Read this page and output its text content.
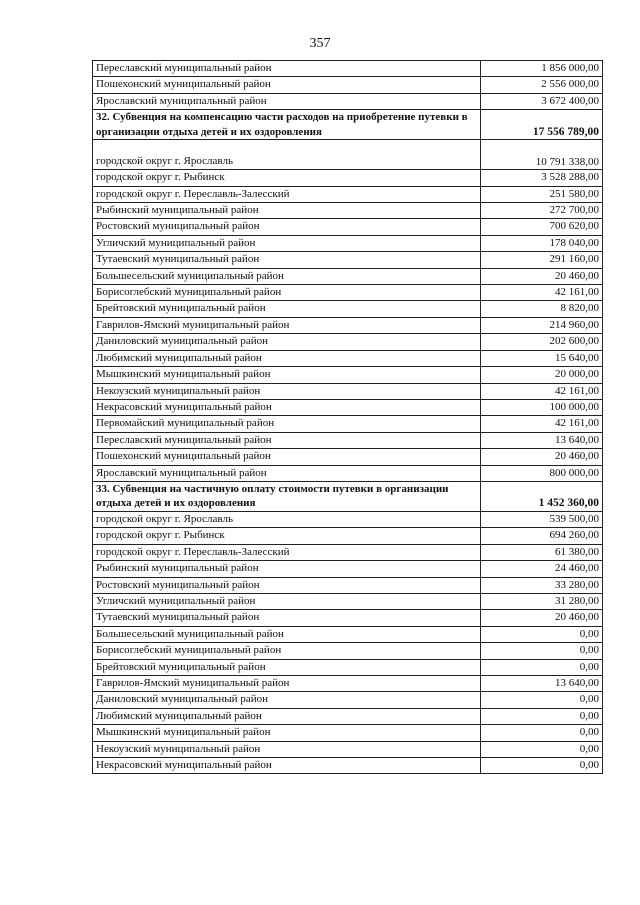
357
Переславский муниципальный район	1 856 000,00
Пошехонский муниципальный район	2 556 000,00
Ярославский муниципальный район	3 672 400,00
32. Субвенция на компенсацию части расходов на приобретение путевки в организации отдыха детей и их оздоровления	17 556 789,00
городской округ г. Ярославль	10 791 338,00
городской округ г. Рыбинск	3 528 288,00
городской округ г. Переславль-Залесский	251 580,00
Рыбинский муниципальный район	272 700,00
Ростовский муниципальный район	700 620,00
Угличский муниципальный район	178 040,00
Тутаевский муниципальный район	291 160,00
Большесельский муниципальный район	20 460,00
Борисоглебский муниципальный район	42 161,00
Брейтовский муниципальный район	8 820,00
Гаврилов-Ямский муниципальный район	214 960,00
Даниловский муниципальный район	202 600,00
Любимский муниципальный район	15 640,00
Мышкинский муниципальный район	20 000,00
Некоузский муниципальный район	42 161,00
Некрасовский муниципальный район	100 000,00
Первомайский муниципальный район	42 161,00
Переславский муниципальный район	13 640,00
Пошехонский муниципальный район	20 460,00
Ярославский муниципальный район	800 000,00
33. Субвенция на частичную оплату стоимости путевки в организации отдыха детей и их оздоровления	1 452 360,00
городской округ г. Ярославль	539 500,00
городской округ г. Рыбинск	694 260,00
городской округ г. Переславль-Залесский	61 380,00
Рыбинский муниципальный район	24 460,00
Ростовский муниципальный район	33 280,00
Угличский муниципальный район	31 280,00
Тутаевский муниципальный район	20 460,00
Большесельский муниципальный район	0,00
Борисоглебский муниципальный район	0,00
Брейтовский муниципальный район	0,00
Гаврилов-Ямский муниципальный район	13 640,00
Даниловский муниципальный район	0,00
Любимский муниципальный район	0,00
Мышкинский муниципальный район	0,00
Некоузский муниципальный район	0,00
Некрасовский муниципальный район	0,00
